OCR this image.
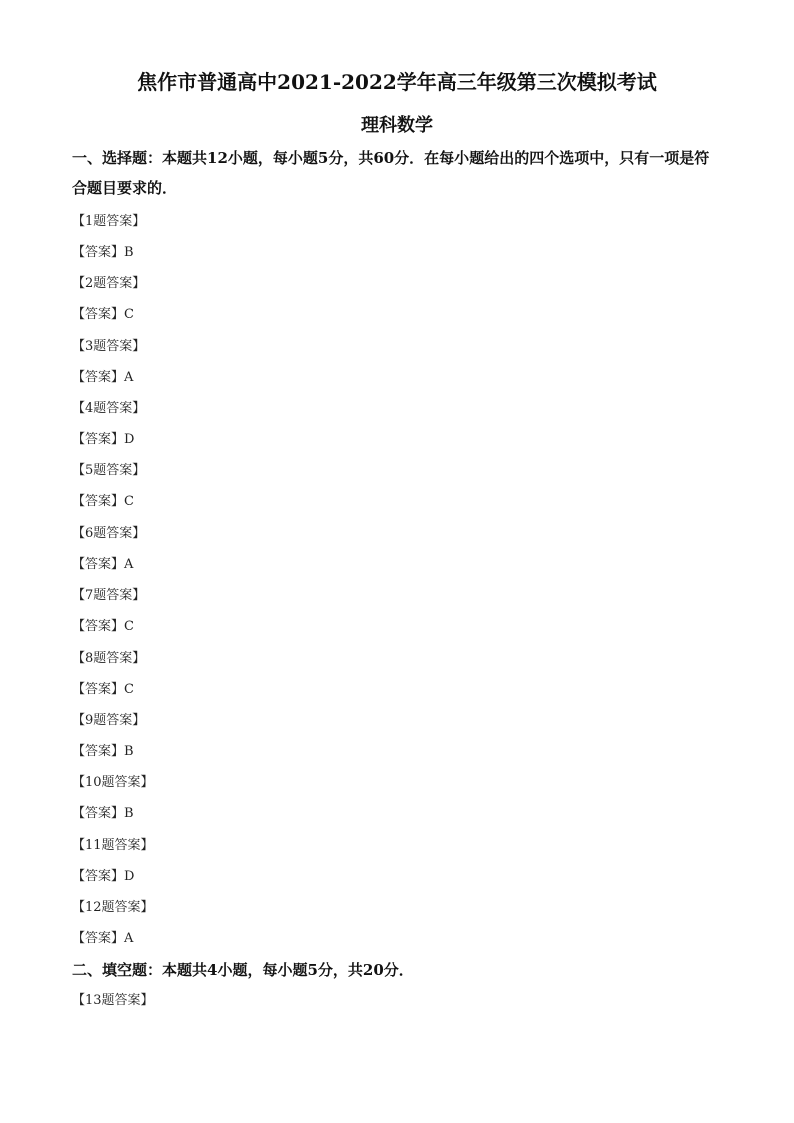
焦作市普通高中2021-2022学年高三年级第三次模拟考试
理科数学
一、选择题：本题共12小题，每小题5分，共60分．在每小题给出的四个选项中，只有一项是符合题目要求的．
【1题答案】
【答案】B
【2题答案】
【答案】C
【3题答案】
【答案】A
【4题答案】
【答案】D
【5题答案】
【答案】C
【6题答案】
【答案】A
【7题答案】
【答案】C
【8题答案】
【答案】C
【9题答案】
【答案】B
【10题答案】
【答案】B
【11题答案】
【答案】D
【12题答案】
【答案】A
二、填空题：本题共4小题，每小题5分，共20分．
【13题答案】
